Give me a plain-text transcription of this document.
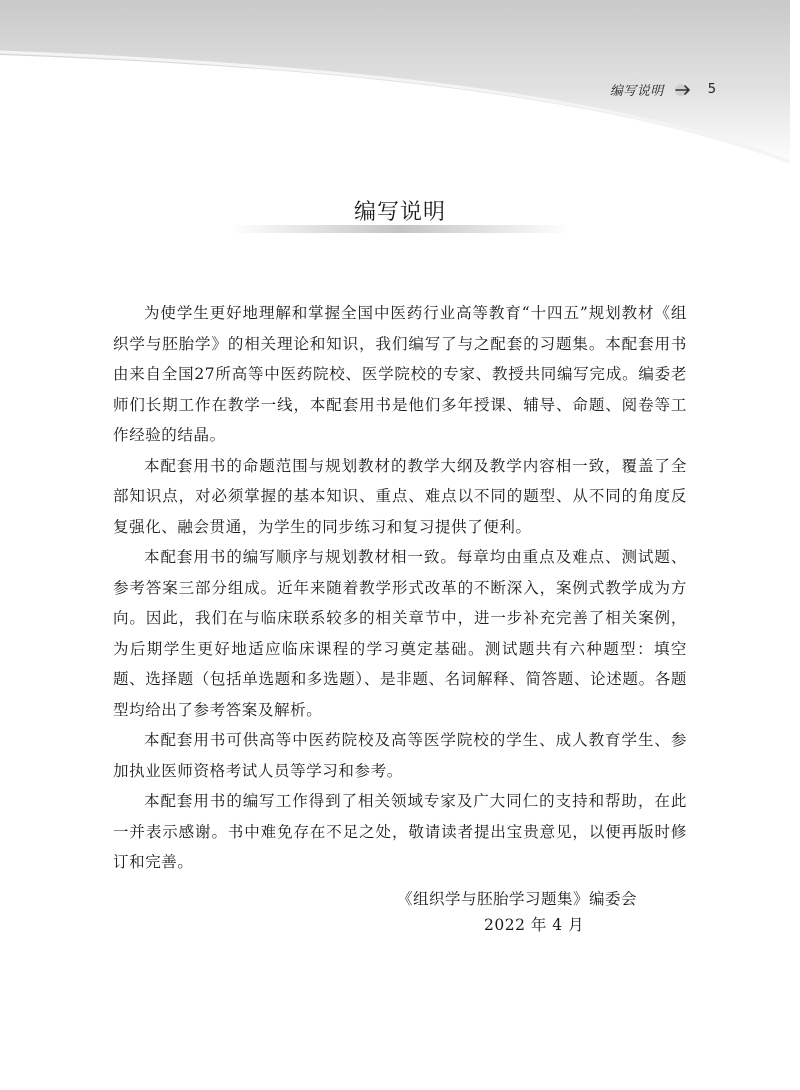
编写说明	5
编写说明

为使学生更好地理解和掌握全国中医药行业高等教育“十四五”规划教材《组织学与胚胎学》的相关理论和知识，我们编写了与之配套的习题集。本配套用书由来自全国27所高等中医药院校、医学院校的专家、教授共同编写完成。编委老师们长期工作在教学一线，本配套用书是他们多年授课、辅导、命题、阅卷等工作经验的结晶。

本配套用书的命题范围与规划教材的教学大纲及教学内容相一致，覆盖了全部知识点，对必须掌握的基本知识、重点、难点以不同的题型、从不同的角度反复强化、融会贯通，为学生的同步练习和复习提供了便利。

本配套用书的编写顺序与规划教材相一致。每章均由重点及难点、测试题、参考答案三部分组成。近年来随着教学形式改革的不断深入，案例式教学成为方向。因此，我们在与临床联系较多的相关章节中，进一步补充完善了相关案例，为后期学生更好地适应临床课程的学习奠定基础。测试题共有六种题型：填空题、选择题（包括单选题和多选题）、是非题、名词解释、简答题、论述题。各题型均给出了参考答案及解析。

本配套用书可供高等中医药院校及高等医学院校的学生、成人教育学生、参加执业医师资格考试人员等学习和参考。

本配套用书的编写工作得到了相关领域专家及广大同仁的支持和帮助，在此一并表示感谢。书中难免存在不足之处，敬请读者提出宝贵意见，以便再版时修订和完善。

《组织学与胚胎学习题集》编委会
2022 年 4 月
